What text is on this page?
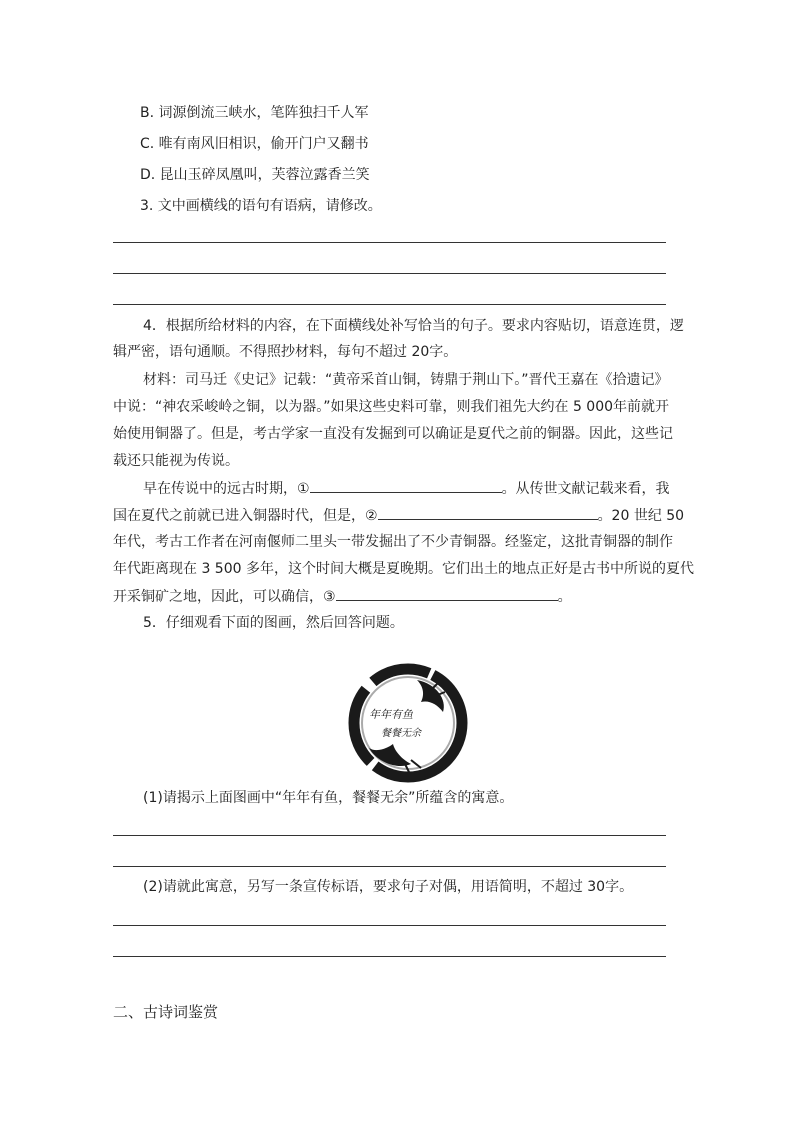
B. 词源倒流三峡水，笔阵独扫千人军
C. 唯有南风旧相识，偷开门户又翻书
D. 昆山玉碎凤凰叫，芙蓉泣露香兰笑
3. 文中画横线的语句有语病，请修改。
4．根据所给材料的内容，在下面横线处补写恰当的句子。要求内容贴切，语意连贯，逻
辑严密，语句通顺。不得照抄材料，每句不超过 20字。
材料：司马迁《史记》记载：“黄帝采首山铜，铸鼎于荆山下。”晋代王嘉在《拾遗记》
中说：“神农采峻岭之铜，以为器。”如果这些史料可靠，则我们祖先大约在 5 000年前就开
始使用铜器了。但是，考古学家一直没有发掘到可以确证是夏代之前的铜器。因此，这些记
载还只能视为传说。
早在传说中的远古时期，①	。从传世文献记载来看，我
国在夏代之前就已进入铜器时代，但是，②	。20 世纪 50
年代，考古工作者在河南偃师二里头一带发掘出了不少青铜器。经鉴定，这批青铜器的制作
年代距离现在 3 500 多年，这个时间大概是夏晚期。它们出土的地点正好是古书中所说的夏代
开采铜矿之地，因此，可以确信，③	。
5．仔细观看下面的图画，然后回答问题。
年年有鱼
餐餐无余
(1)请揭示上面图画中“年年有鱼，餐餐无余”所蕴含的寓意。
(2)请就此寓意，另写一条宣传标语，要求句子对偶，用语简明，不超过 30字。
二、古诗词鉴赏
